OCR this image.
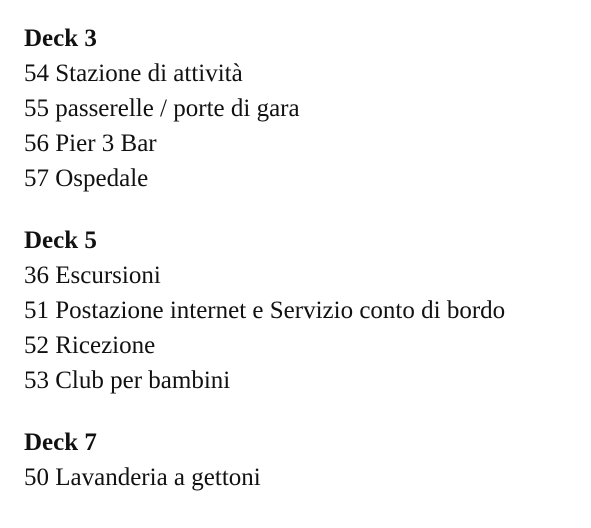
Deck 3
54 Stazione di attività
55 passerelle / porte di gara
56 Pier 3 Bar
57 Ospedale
Deck 5
36 Escursioni
51 Postazione internet e Servizio conto di bordo
52 Ricezione
53 Club per bambini
Deck 7
50 Lavanderia a gettoni
